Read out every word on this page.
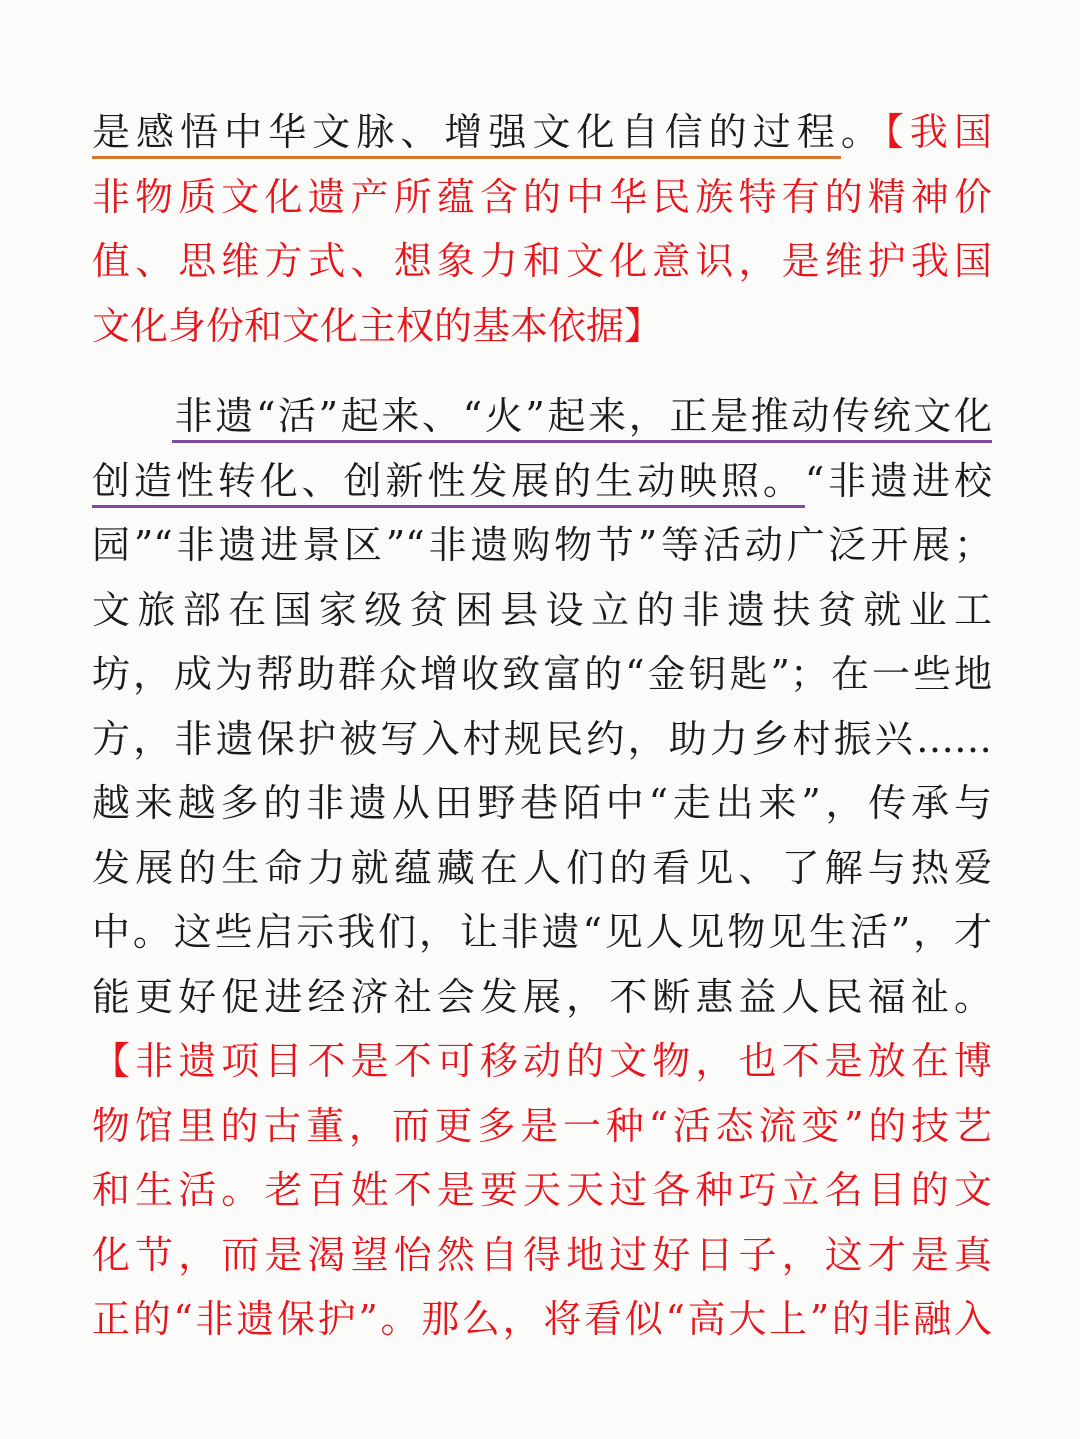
是感悟中华文脉、增强文化自信的过程。【我国
非物质文化遗产所蕴含的中华民族特有的精神价
值、思维方式、想象力和文化意识，是维护我国
文化身份和文化主权的基本依据】
非遗“活”起来、“火”起来，正是推动传统文化
创造性转化、创新性发展的生动映照。“非遗进校
园”“非遗进景区”“非遗购物节”等活动广泛开展；
文旅部在国家级贫困县设立的非遗扶贫就业工
坊，成为帮助群众增收致富的“金钥匙”；在一些地
方，非遗保护被写入村规民约，助力乡村振兴……
越来越多的非遗从田野巷陌中“走出来”，传承与
发展的生命力就蕴藏在人们的看见、了解与热爱
中。这些启示我们，让非遗“见人见物见生活”，才
能更好促进经济社会发展，不断惠益人民福祉。
【非遗项目不是不可移动的文物，也不是放在博
物馆里的古董，而更多是一种“活态流变”的技艺
和生活。老百姓不是要天天过各种巧立名目的文
化节，而是渴望怡然自得地过好日子，这才是真
正的“非遗保护”。那么，将看似“高大上”的非融入
